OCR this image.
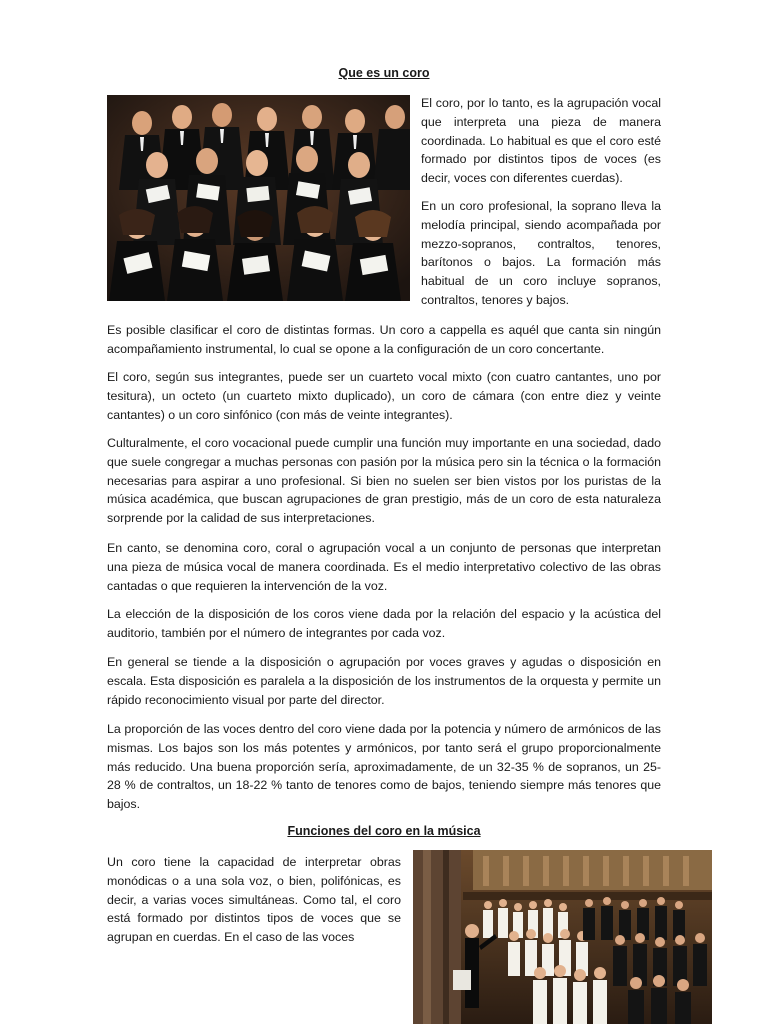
Que es un coro

El coro, por lo tanto, es la agrupación vocal que interpreta una pieza de manera coordinada. Lo habitual es que el coro esté formado por distintos tipos de voces (es decir, voces con diferentes cuerdas).

En un coro profesional, la soprano lleva la melodía principal, siendo acompañada por mezzo-sopranos, contraltos, tenores, barítonos o bajos. La formación más habitual de un coro incluye sopranos, contraltos, tenores y bajos.

Es posible clasificar el coro de distintas formas. Un coro a cappella es aquél que canta sin ningún acompañamiento instrumental, lo cual se opone a la configuración de un coro concertante.

El coro, según sus integrantes, puede ser un cuarteto vocal mixto (con cuatro cantantes, uno por tesitura), un octeto (un cuarteto mixto duplicado), un coro de cámara (con entre diez y veinte cantantes) o un coro sinfónico (con más de veinte integrantes).

Culturalmente, el coro vocacional puede cumplir una función muy importante en una sociedad, dado que suele congregar a muchas personas con pasión por la música pero sin la técnica o la formación necesarias para aspirar a uno profesional. Si bien no suelen ser bien vistos por los puristas de la música académica, que buscan agrupaciones de gran prestigio, más de un coro de esta naturaleza sorprende por la calidad de sus interpretaciones.

En canto, se denomina coro, coral o agrupación vocal a un conjunto de personas que interpretan una pieza de música vocal de manera coordinada. Es el medio interpretativo colectivo de las obras cantadas o que requieren la intervención de la voz.

La elección de la disposición de los coros viene dada por la relación del espacio y la acústica del auditorio, también por el número de integrantes por cada voz.

En general se tiende a la disposición o agrupación por voces graves y agudas o disposición en escala. Esta disposición es paralela a la disposición de los instrumentos de la orquesta y permite un rápido reconocimiento visual por parte del director.

La proporción de las voces dentro del coro viene dada por la potencia y número de armónicos de las mismas. Los bajos son los más potentes y armónicos, por tanto será el grupo proporcionalmente más reducido. Una buena proporción sería, aproximadamente, de un 32-35 % de sopranos, un 25-28 % de contraltos, un 18-22 % tanto de tenores como de bajos, teniendo siempre más tenores que bajos.

Funciones del coro en la música

Un coro tiene la capacidad de interpretar obras monódicas o a una sola voz, o bien, polifónicas, es decir, a varias voces simultáneas. Como tal, el coro está formado por distintos tipos de voces que se agrupan en cuerdas. En el caso de las voces
